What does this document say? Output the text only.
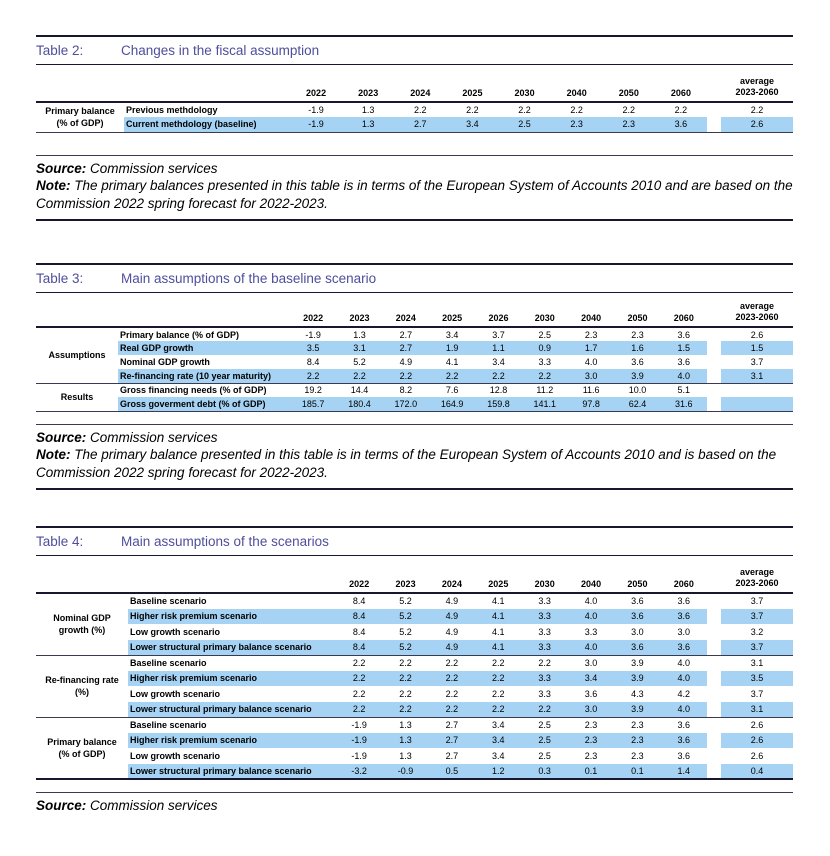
Table 2:	Changes in the fiscal assumption
		2022	2023	2024	2025	2030	2040	2050	2060		average
2023-2060

Primary balance
(% of GDP)	Previous methdology	-1.9	1.3	2.2	2.2	2.2	2.2	2.2	2.2		2.2
	Current methdology (baseline)	-1.9	1.3	2.7	3.4	2.5	2.3	2.3	3.6		2.6

Source: Commission services

Note: The primary balances presented in this table is in terms of the European System of Accounts 2010 and are based on the Commission 2022 spring forecast for 2022-2023.

Table 3:	Main assumptions of the baseline scenario
		2022	2023	2024	2025	2026	2030	2040	2050	2060		average
2023-2060

Assumptions	Primary balance (% of GDP)	-1.9	1.3	2.7	3.4	3.7	2.5	2.3	2.3	3.6		2.6
	Real GDP growth	3.5	3.1	2.7	1.9	1.1	0.9	1.7	1.6	1.5		1.5
	Nominal GDP growth	8.4	5.2	4.9	4.1	3.4	3.3	4.0	3.6	3.6		3.7
	Re-financing rate (10 year maturity)	2.2	2.2	2.2	2.2	2.2	2.2	3.0	3.9	4.0		3.1
Results	Gross financing needs (% of GDP)	19.2	14.4	8.2	7.6	12.8	11.2	11.6	10.0	5.1		
	Gross goverment debt (% of GDP)	185.7	180.4	172.0	164.9	159.8	141.1	97.8	62.4	31.6		

Source: Commission services

Note: The primary balance presented in this table is in terms of the European System of Accounts 2010 and is based on the Commission 2022 spring forecast for 2022-2023.

Table 4:	Main assumptions of the scenarios
		2022	2023	2024	2025	2030	2040	2050	2060		average
2023-2060

Nominal GDP
growth (%)	Baseline scenario	8.4	5.2	4.9	4.1	3.3	4.0	3.6	3.6		3.7
	Higher risk premium scenario	8.4	5.2	4.9	4.1	3.3	4.0	3.6	3.6		3.7
	Low growth scenario	8.4	5.2	4.9	4.1	3.3	3.3	3.0	3.0		3.2
	Lower structural primary balance scenario	8.4	5.2	4.9	4.1	3.3	4.0	3.6	3.6		3.7
Re-financing rate
(%)	Baseline scenario	2.2	2.2	2.2	2.2	2.2	3.0	3.9	4.0		3.1
	Higher risk premium scenario	2.2	2.2	2.2	2.2	3.3	3.4	3.9	4.0		3.5
	Low growth scenario	2.2	2.2	2.2	2.2	3.3	3.6	4.3	4.2		3.7
	Lower structural primary balance scenario	2.2	2.2	2.2	2.2	2.2	3.0	3.9	4.0		3.1
Primary balance
(% of GDP)	Baseline scenario	-1.9	1.3	2.7	3.4	2.5	2.3	2.3	3.6		2.6
	Higher risk premium scenario	-1.9	1.3	2.7	3.4	2.5	2.3	2.3	3.6		2.6
	Low growth scenario	-1.9	1.3	2.7	3.4	2.5	2.3	2.3	3.6		2.6
	Lower structural primary balance scenario	-3.2	-0.9	0.5	1.2	0.3	0.1	0.1	1.4		0.4

Source: Commission services
